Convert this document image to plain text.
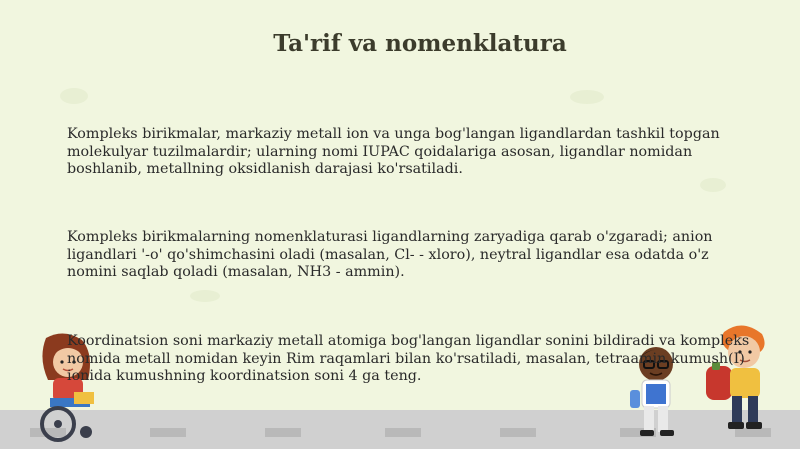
Ta'rif va nomenklatura

Kompleks birikmalar, markaziy metall ion va unga bog'langan ligandlardan tashkil topgan molekulyar tuzilmalardir; ularning nomi IUPAC qoidalariga asosan, ligandlar nomidan boshlanib, metallning oksidlanish darajasi ko'rsatiladi.

Kompleks birikmalarning nomenklaturasi ligandlarning zaryadiga qarab o'zgaradi; anion ligandlari '-o' qo'shimchasini oladi (masalan, Cl- - xloro), neytral ligandlar esa odatda o'z nomini saqlab qoladi (masalan, NH3 - ammin).

Koordinatsion soni markaziy metall atomiga bog'langan ligandlar sonini bildiradi va kompleks nomida metall nomidan keyin Rim raqamlari bilan ko'rsatiladi, masalan, tetraamin kumush(I) ionida kumushning koordinatsion soni 4 ga teng.
